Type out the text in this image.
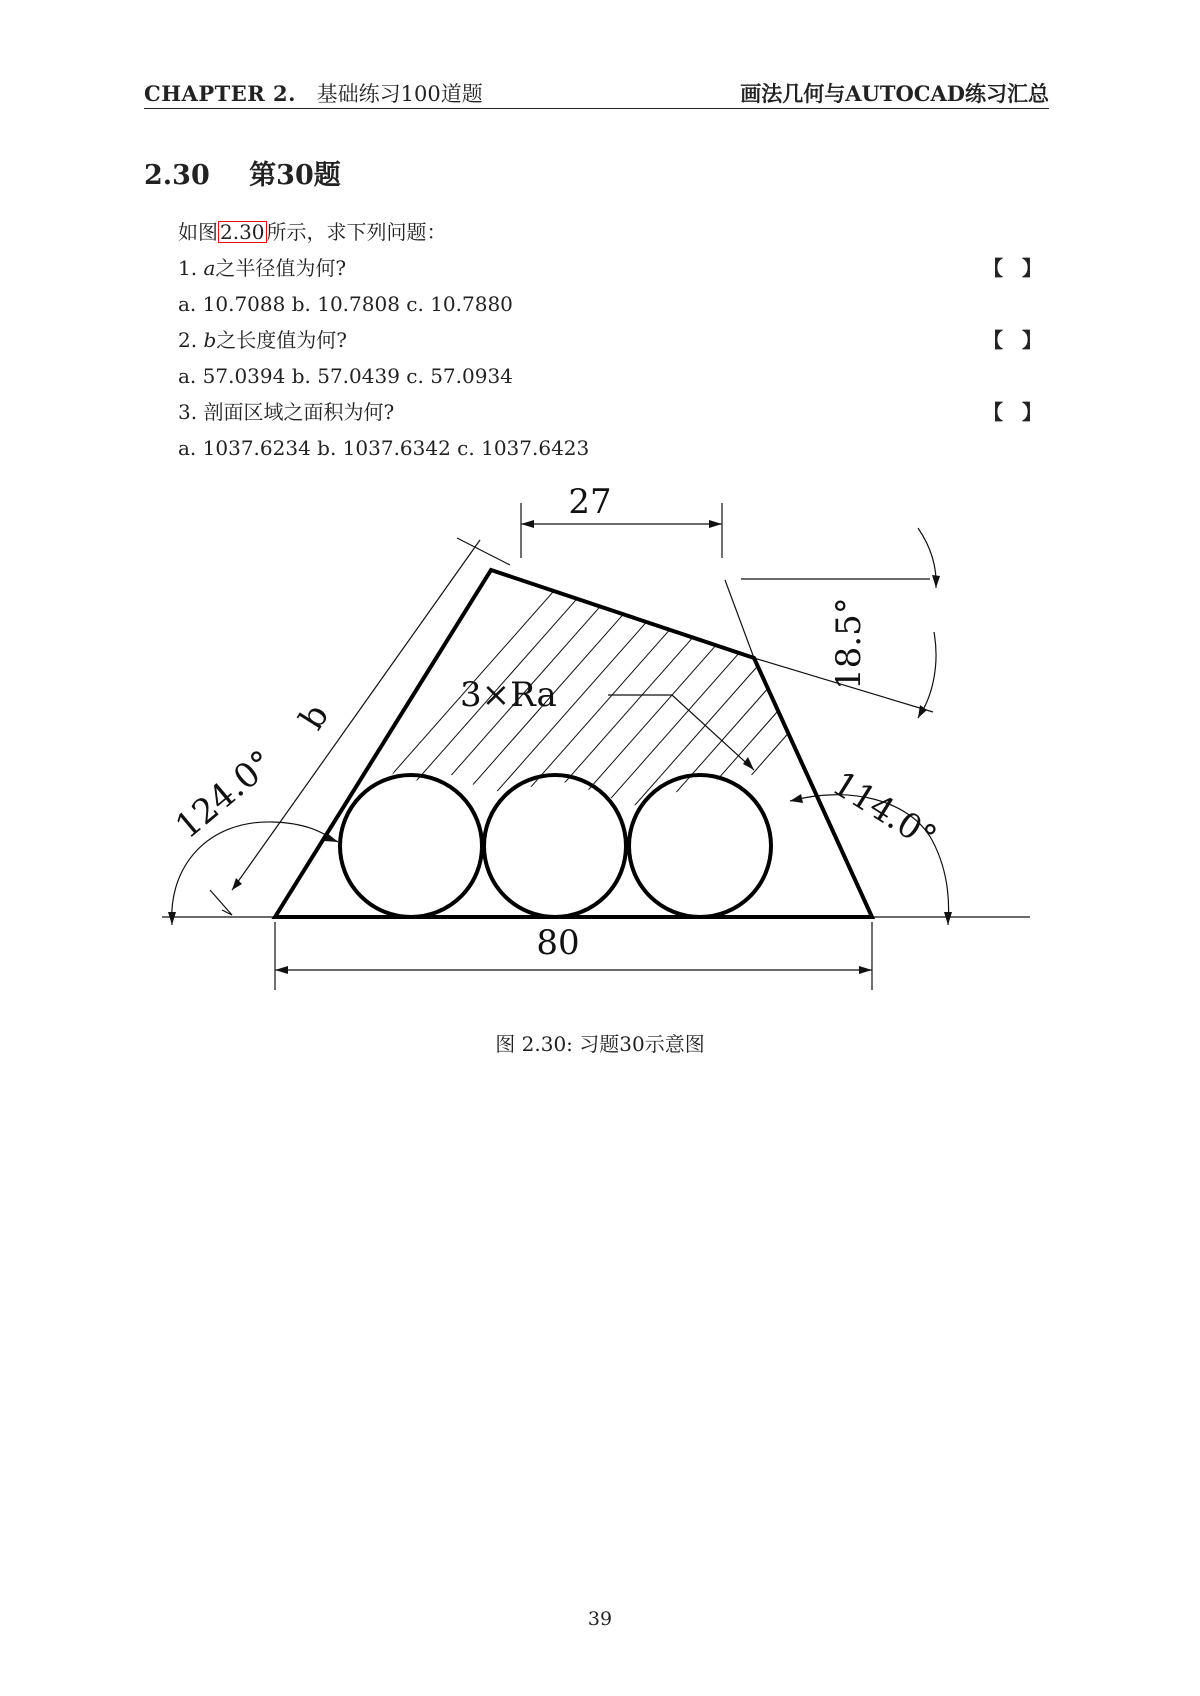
CHAPTER 2. 基础练习100道题	画法几何与AUTOCAD练习汇总
2.30 第30题
如图 2.30 所示，求下列问题：
1. a之半径值为何?	【 】
a. 10.7088 b. 10.7808 c. 10.7880
2. b之长度值为何?	【 】
a. 57.0394 b. 57.0439 c. 57.0934
3. 剖面区域之面积为何?	【 】
a. 1037.6234 b. 1037.6342 c. 1037.6423
27
80
18.5°
124.0°	114.0°
b
3×Ra
图 2.30: 习题30示意图
39
